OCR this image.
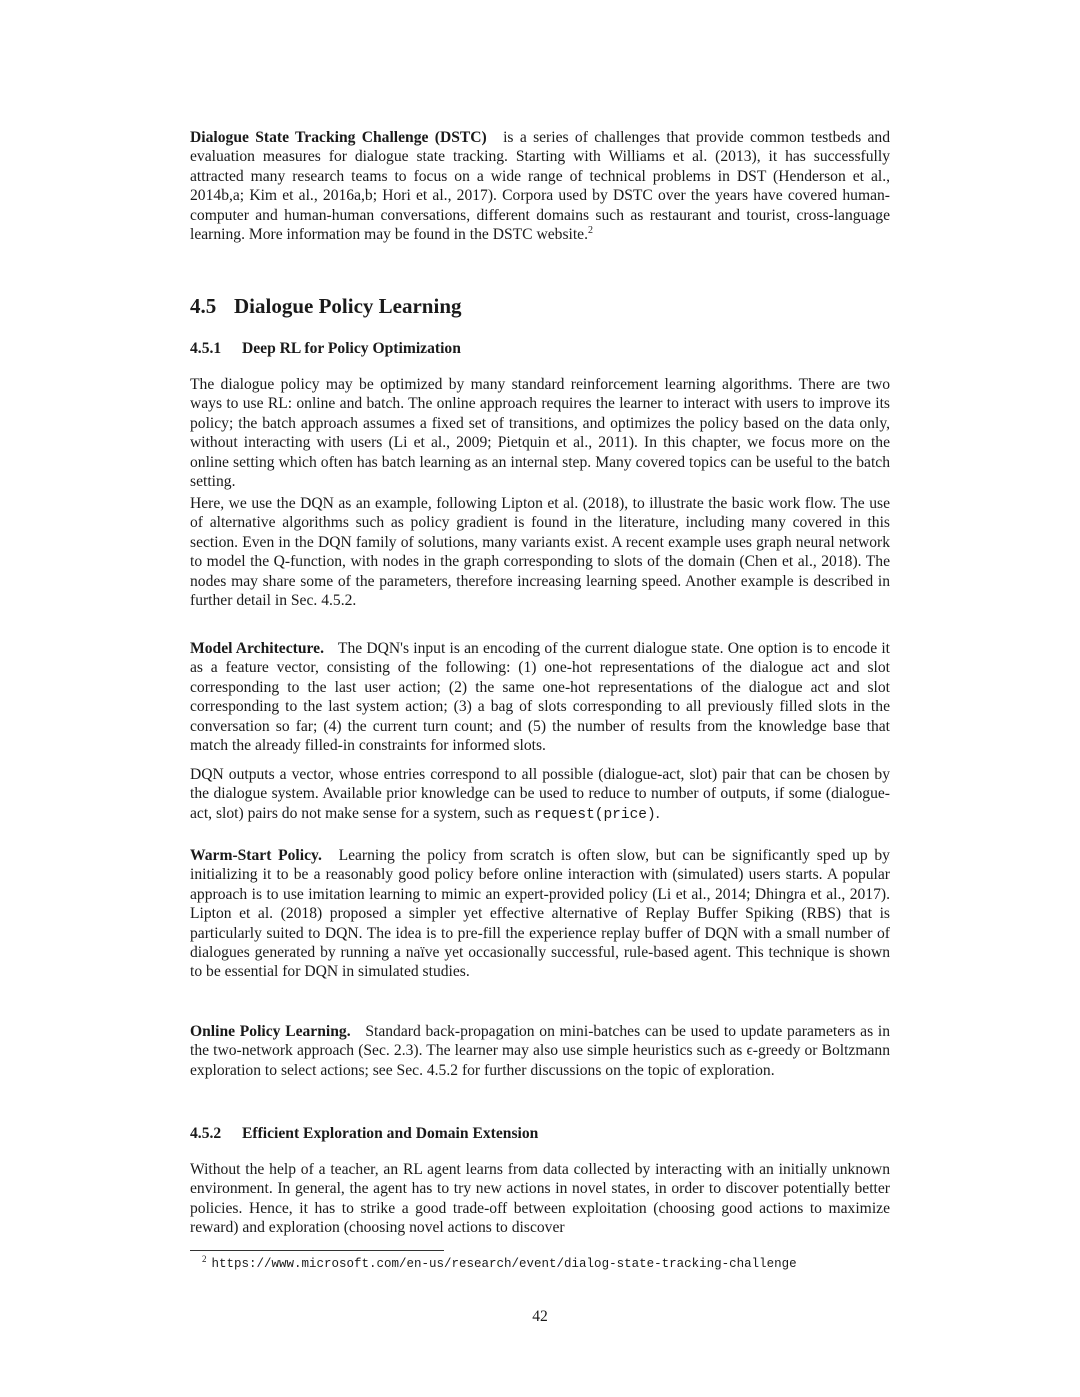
Dialogue State Tracking Challenge (DSTC) is a series of challenges that provide common testbeds and evaluation measures for dialogue state tracking. Starting with Williams et al. (2013), it has successfully attracted many research teams to focus on a wide range of technical problems in DST (Henderson et al., 2014b,a; Kim et al., 2016a,b; Hori et al., 2017). Corpora used by DSTC over the years have covered human-computer and human-human conversations, different domains such as restaurant and tourist, cross-language learning. More information may be found in the DSTC website.$^2$

4.5 Dialogue Policy Learning
4.5.1 Deep RL for Policy Optimization

The dialogue policy may be optimized by many standard reinforcement learning algorithms. There are two ways to use RL: online and batch. The online approach requires the learner to interact with users to improve its policy; the batch approach assumes a fixed set of transitions, and optimizes the policy based on the data only, without interacting with users (Li et al., 2009; Pietquin et al., 2011). In this chapter, we focus more on the online setting which often has batch learning as an internal step. Many covered topics can be useful to the batch setting.

Here, we use the DQN as an example, following Lipton et al. (2018), to illustrate the basic work flow. The use of alternative algorithms such as policy gradient is found in the literature, including many covered in this section. Even in the DQN family of solutions, many variants exist. A recent example uses graph neural network to model the Q-function, with nodes in the graph corresponding to slots of the domain (Chen et al., 2018). The nodes may share some of the parameters, therefore increasing learning speed. Another example is described in further detail in Sec. 4.5.2.

Model Architecture. The DQN's input is an encoding of the current dialogue state. One option is to encode it as a feature vector, consisting of the following: (1) one-hot representations of the dialogue act and slot corresponding to the last user action; (2) the same one-hot representations of the dialogue act and slot corresponding to the last system action; (3) a bag of slots corresponding to all previously filled slots in the conversation so far; (4) the current turn count; and (5) the number of results from the knowledge base that match the already filled-in constraints for informed slots.

DQN outputs a vector, whose entries correspond to all possible (dialogue-act, slot) pair that can be chosen by the dialogue system. Available prior knowledge can be used to reduce to number of outputs, if some (dialogue-act, slot) pairs do not make sense for a system, such as request(price).

Warm-Start Policy. Learning the policy from scratch is often slow, but can be significantly sped up by initializing it to be a reasonably good policy before online interaction with (simulated) users starts. A popular approach is to use imitation learning to mimic an expert-provided policy (Li et al., 2014; Dhingra et al., 2017). Lipton et al. (2018) proposed a simpler yet effective alternative of Replay Buffer Spiking (RBS) that is particularly suited to DQN. The idea is to pre-fill the experience replay buffer of DQN with a small number of dialogues generated by running a naïve yet occasionally successful, rule-based agent. This technique is shown to be essential for DQN in simulated studies.

Online Policy Learning. Standard back-propagation on mini-batches can be used to update parameters as in the two-network approach (Sec. 2.3). The learner may also use simple heuristics such as ϵ-greedy or Boltzmann exploration to select actions; see Sec. 4.5.2 for further discussions on the topic of exploration.

4.5.2 Efficient Exploration and Domain Extension

Without the help of a teacher, an RL agent learns from data collected by interacting with an initially unknown environment. In general, the agent has to try new actions in novel states, in order to discover potentially better policies. Hence, it has to strike a good trade-off between exploitation (choosing good actions to maximize reward) and exploration (choosing novel actions to discover

$^2$ https://www.microsoft.com/en-us/research/event/dialog-state-tracking-challenge
42
